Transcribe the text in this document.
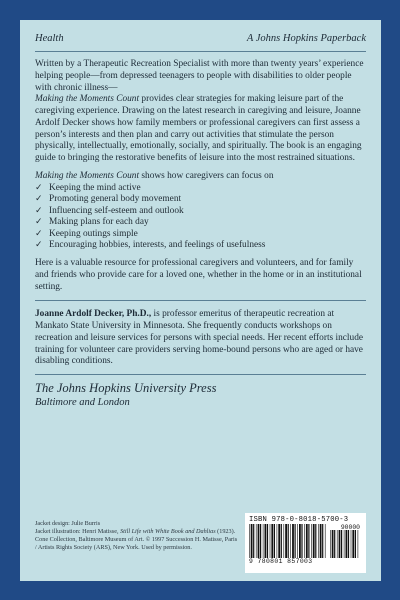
Health	A Johns Hopkins Paperback

Written by a Therapeutic Recreation Specialist with more than twenty years’ experience helping people—from depressed teenagers to people with disabilities to older people with chronic illness—
Making the Moments Count provides clear strategies for making leisure part of the caregiving experience. Drawing on the latest research in caregiving and leisure, Joanne Ardolf Decker shows how family members or professional caregivers can first assess a person’s interests and then plan and carry out activities that stimulate the person physically, intellectually, emotionally, socially, and spiritually. The book is an engaging guide to bringing the restorative benefits of leisure into the most restrained situations.

Making the Moments Count shows how caregivers can focus on

✓ Keeping the mind active
✓ Promoting general body movement
✓ Influencing self-esteem and outlook
✓ Making plans for each day
✓ Keeping outings simple
✓ Encouraging hobbies, interests, and feelings of usefulness

Here is a valuable resource for professional caregivers and volunteers, and for family and friends who provide care for a loved one, whether in the home or in an institutional setting.

Joanne Ardolf Decker, Ph.D., is professor emeritus of therapeutic recreation at Mankato State University in Minnesota. She frequently conducts workshops on recreation and leisure services for persons with special needs. Her recent efforts include training for volunteer care providers serving home-bound persons who are aged or have disabling conditions.

The Johns Hopkins University Press
Baltimore and London
Jacket design: Julie Burris
Jacket illustration: Henri Matisse, Still Life with White Book and Dahlias (1923). Cone Collection, Baltimore Museum of Art. © 1997 Succession H. Matisse, Paris / Artists Rights Society (ARS), New York. Used by permission.
ISBN 978-0-8018-5700-3
9 780801 857003
90000
